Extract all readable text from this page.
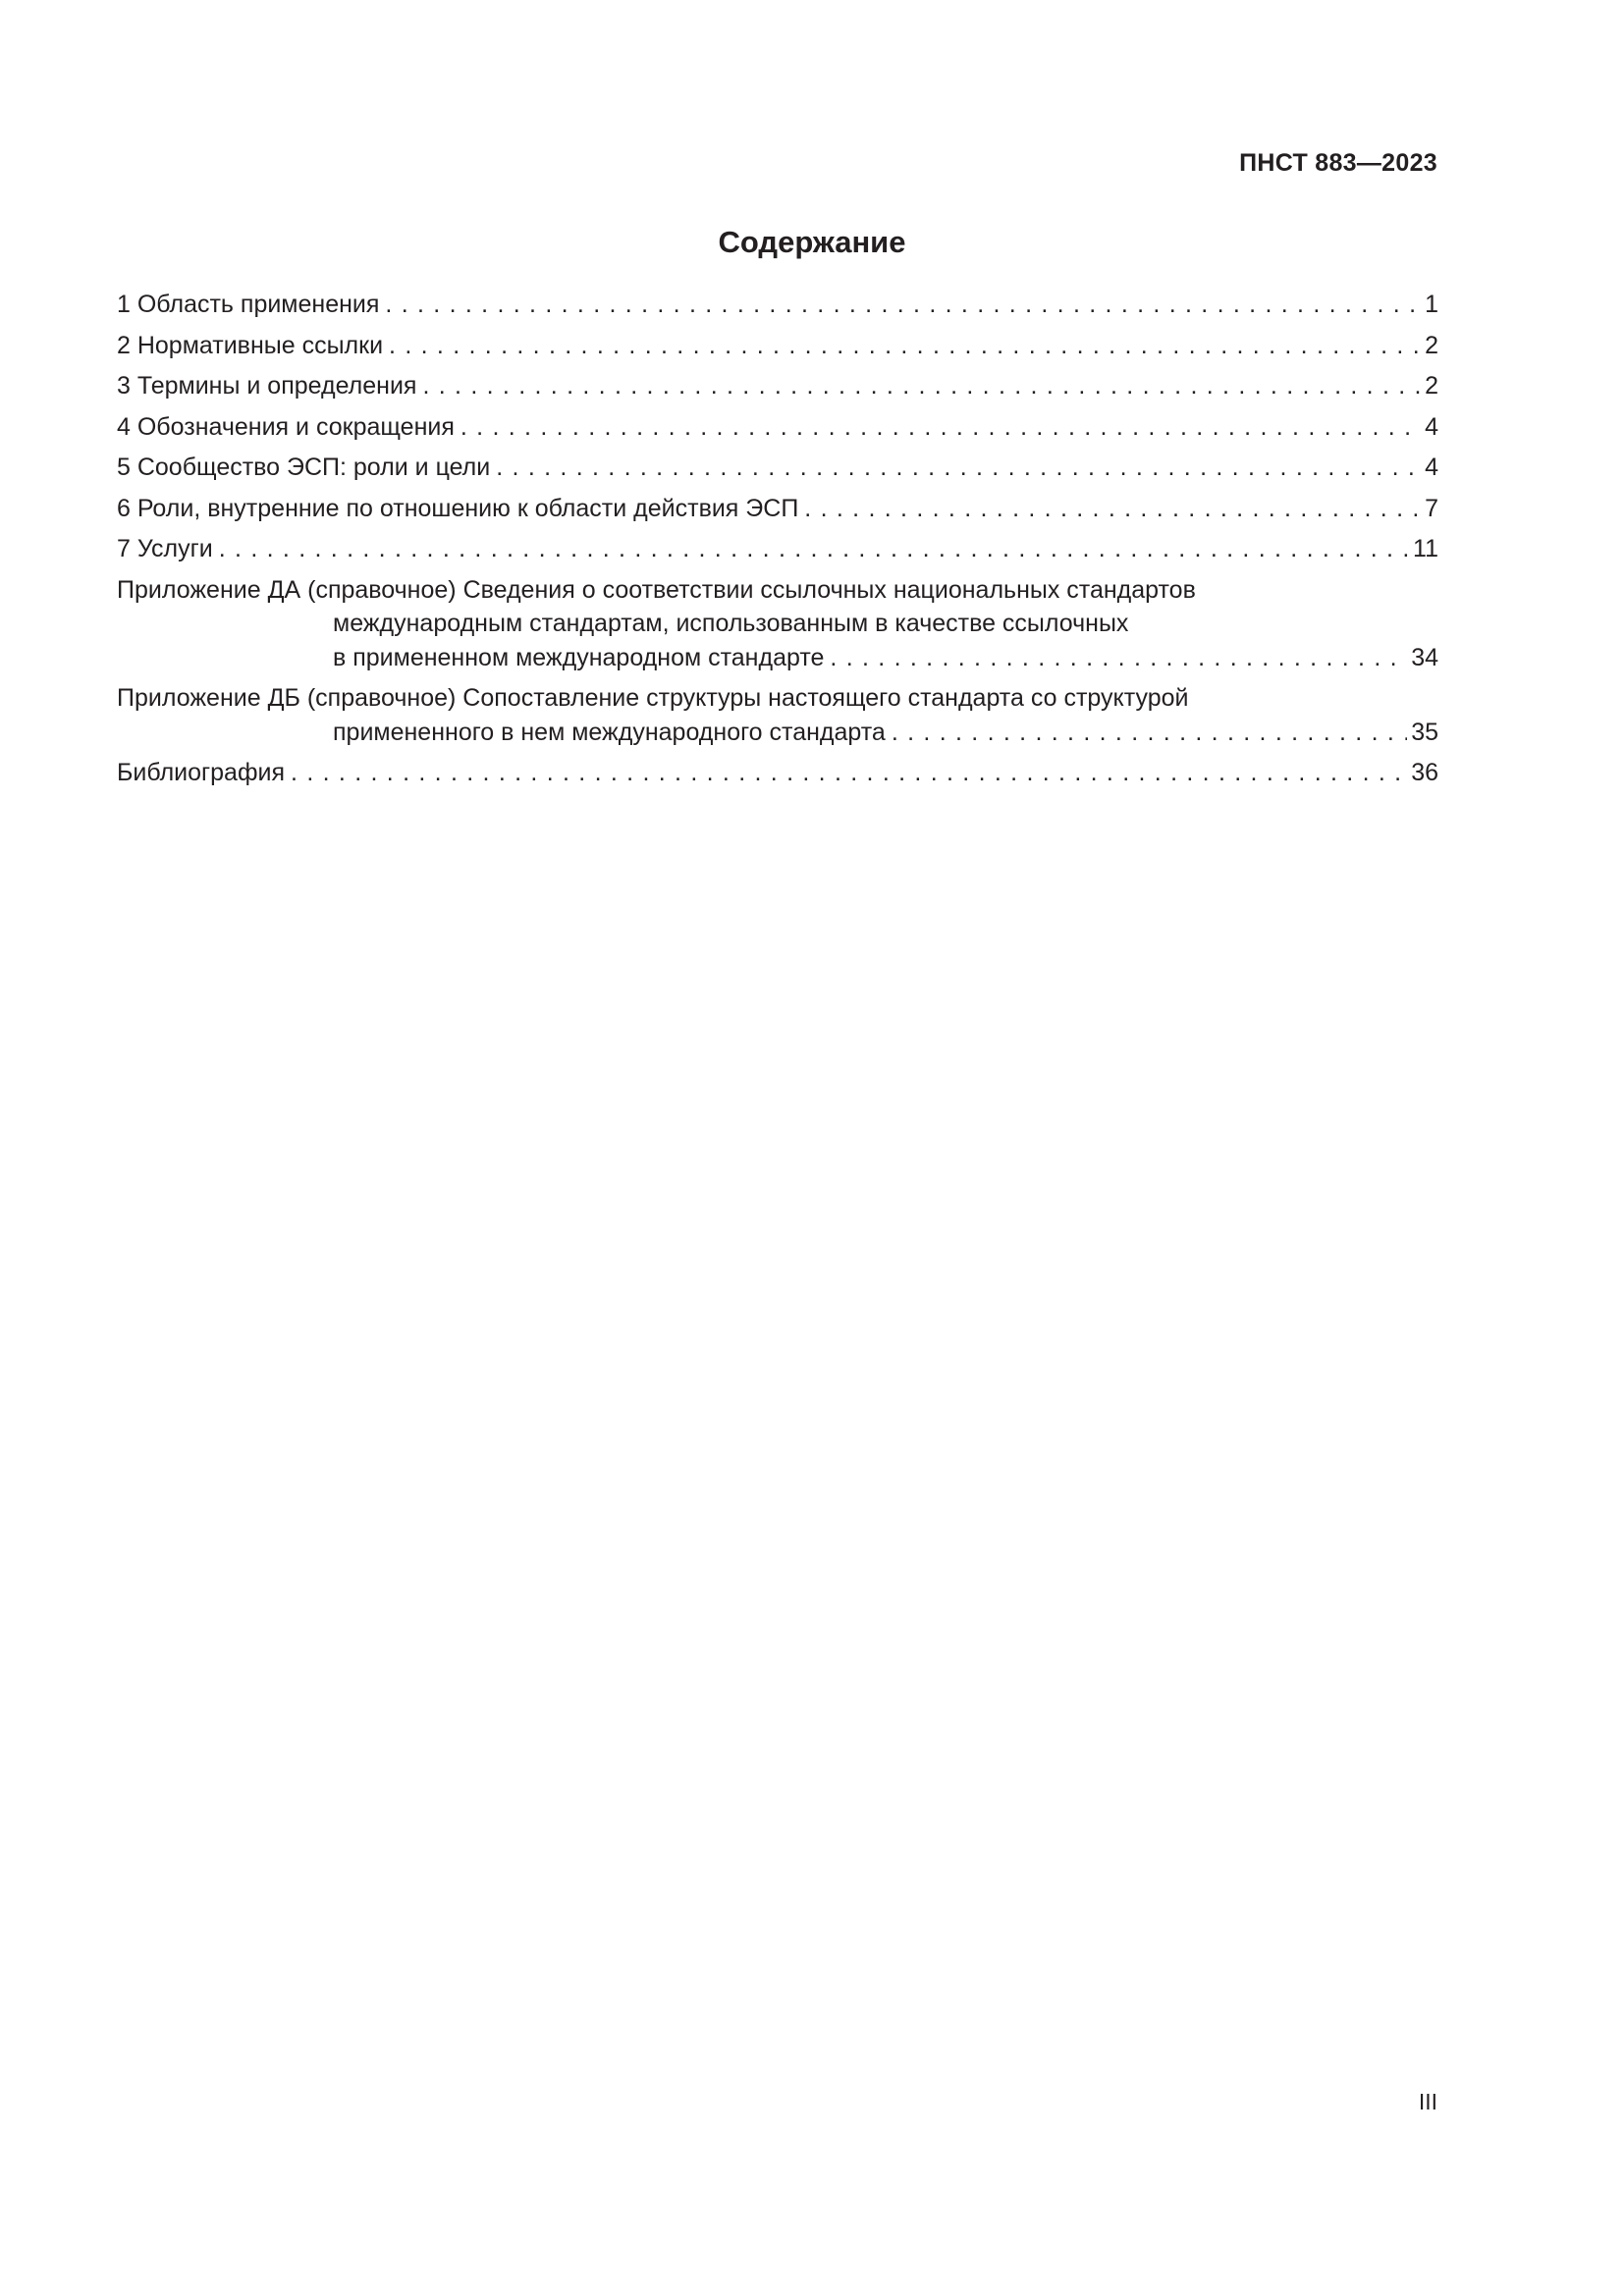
ПНСТ 883—2023
Содержание
1 Область применения . . .	1
2 Нормативные ссылки . . .	2
3 Термины и определения . . .	2
4 Обозначения и сокращения . . .	4
5 Сообщество ЭСП: роли и цели . . .	4
6 Роли, внутренние по отношению к области действия ЭСП . . .	7
7 Услуги . . .	11
Приложение ДА (справочное) Сведения о соответствии ссылочных национальных стандартов
международным стандартам, использованным в качестве ссылочных
в примененном международном стандарте . . .	34
Приложение ДБ (справочное) Сопоставление структуры настоящего стандарта со структурой
примененного в нем международного стандарта . . .	35
Библиография . . .	36
III
